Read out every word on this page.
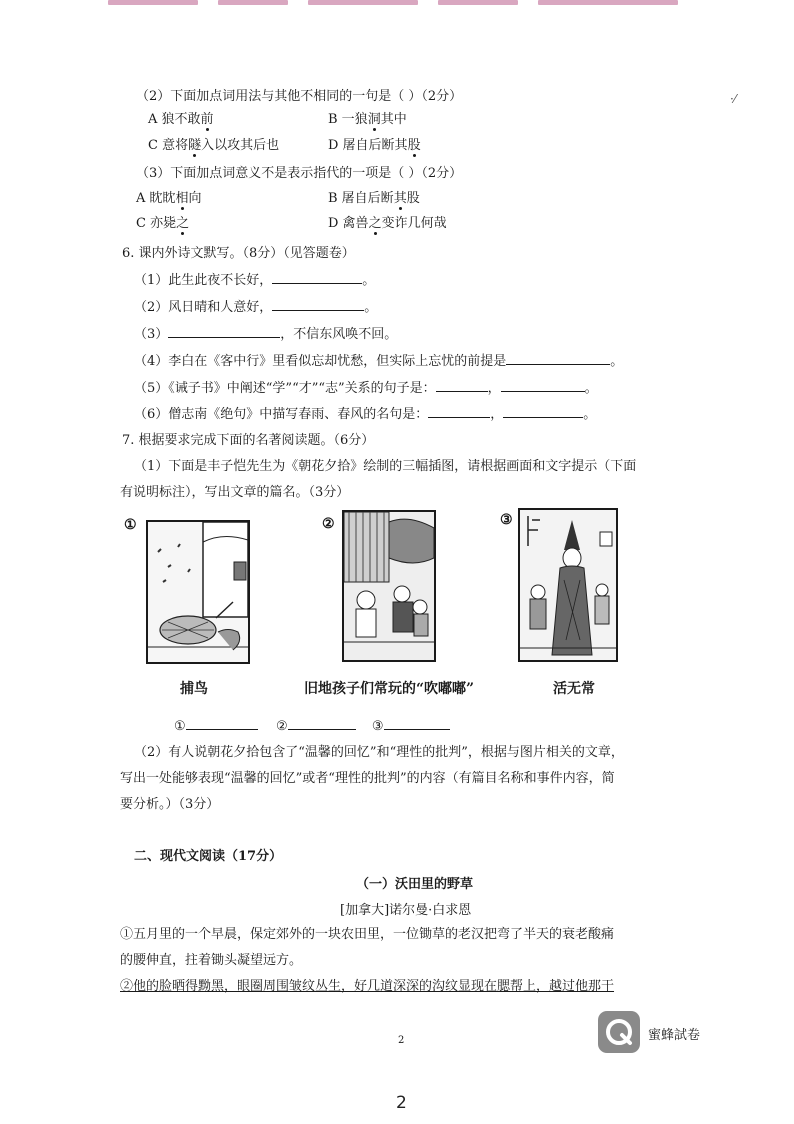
·⁄
（2）下面加点词用法与其他不相同的一句是（ ）（2分）
A 狼不敢前	B 一狼洞其中
C 意将隧入以攻其后也	D 屠自后断其股
（3）下面加点词意义不是表示指代的一项是（ ）（2分）
A 眈眈相向	B 屠自后断其股
C 亦毙之	D 禽兽之变诈几何哉
6. 课内外诗文默写。（8分）（见答题卷）
（1）此生此夜不长好，	。
（2）风日晴和人意好，	。
（3）	，不信东风唤不回。
（4）李白在《客中行》里看似忘却忧愁，但实际上忘忧的前提是	。
（5）《诫子书》中阐述“学”“才”“志”关系的句子是：	，	。
（6）僧志南《绝句》中描写春雨、春风的名句是：	，	。
7. 根据要求完成下面的名著阅读题。（6分）
（1）下面是丰子恺先生为《朝花夕拾》绘制的三幅插图，请根据画面和文字提示（下面
有说明标注），写出文章的篇名。（3分）
①
捕鸟
②
旧地孩子们常玩的“吹嘟嘟”
③
活无常
①	②	③
（2）有人说朝花夕拾包含了“温馨的回忆”和“理性的批判”，根据与图片相关的文章，
写出一处能够表现“温馨的回忆”或者“理性的批判”的内容（有篇目名称和事件内容，简
要分析。）（3分）
二、现代文阅读（17分）
（一）沃田里的野草
[加拿大]诺尔曼·白求恩
①五月里的一个早晨，保定郊外的一块农田里，一位锄草的老汉把弯了半天的衰老酸痛
的腰伸直，拄着锄头凝望远方。
②他的脸晒得黝黑，眼圈周围皱纹丛生，好几道深深的沟纹显现在腮帮上，越过他那干
2	蜜蜂試卷
2
